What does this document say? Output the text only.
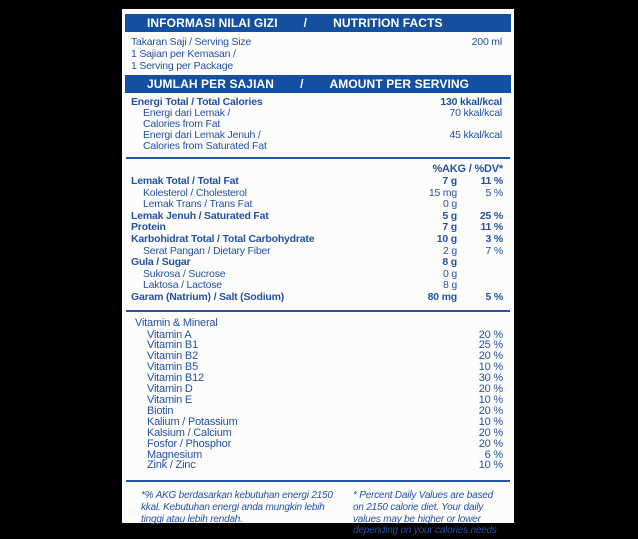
INFORMASI NILAI GIZI / NUTRITION FACTS
Takaran Saji / Serving Size	200 ml
1 Sajian per Kemasan /
1 Serving per Package
JUMLAH PER SAJIAN / AMOUNT PER SERVING
Energi Total / Total Calories	130 kkal/kcal
Energi dari Lemak /
Calories from Fat
70 kkal/kcal
Energi dari Lemak Jenuh /
Calories from Saturated Fat
45 kkal/kcal
%AKG / %DV*
Lemak Total / Total Fat	7 g	11 %
Kolesterol / Cholesterol	15 mg	5 %
Lemak Trans / Trans Fat	0 g
Lemak Jenuh / Saturated Fat	5 g	25 %
Protein	7 g	11 %
Karbohidrat Total / Total Carbohydrate	10 g	3 %
Serat Pangan / Dietary Fiber	2 g	7 %
Gula / Sugar	8 g
Sukrosa / Sucrose	0 g
Laktosa / Lactose	8 g
Garam (Natrium) / Salt (Sodium)	80 mg	5 %
Vitamin & Mineral
Vitamin A	20 %
Vitamin B1	25 %
Vitamin B2	20 %
Vitamin B5	10 %
Vitamin B12	30 %
Vitamin D	20 %
Vitamin E	10 %
Biotin	20 %
Kalium / Potassium	10 %
Kalsium / Calcium	20 %
Fosfor / Phosphor	20 %
Magnesium	6 %
Zink / Zinc	10 %
*% AKG berdasarkan kebutuhan energi 2150 kkal. Kebutuhan energi anda mungkin lebih tinggi atau lebih rendah.
* Percent Daily Values are based on 2150 calorie diet. Your daily values may be higher or lower depending on your calories needs
